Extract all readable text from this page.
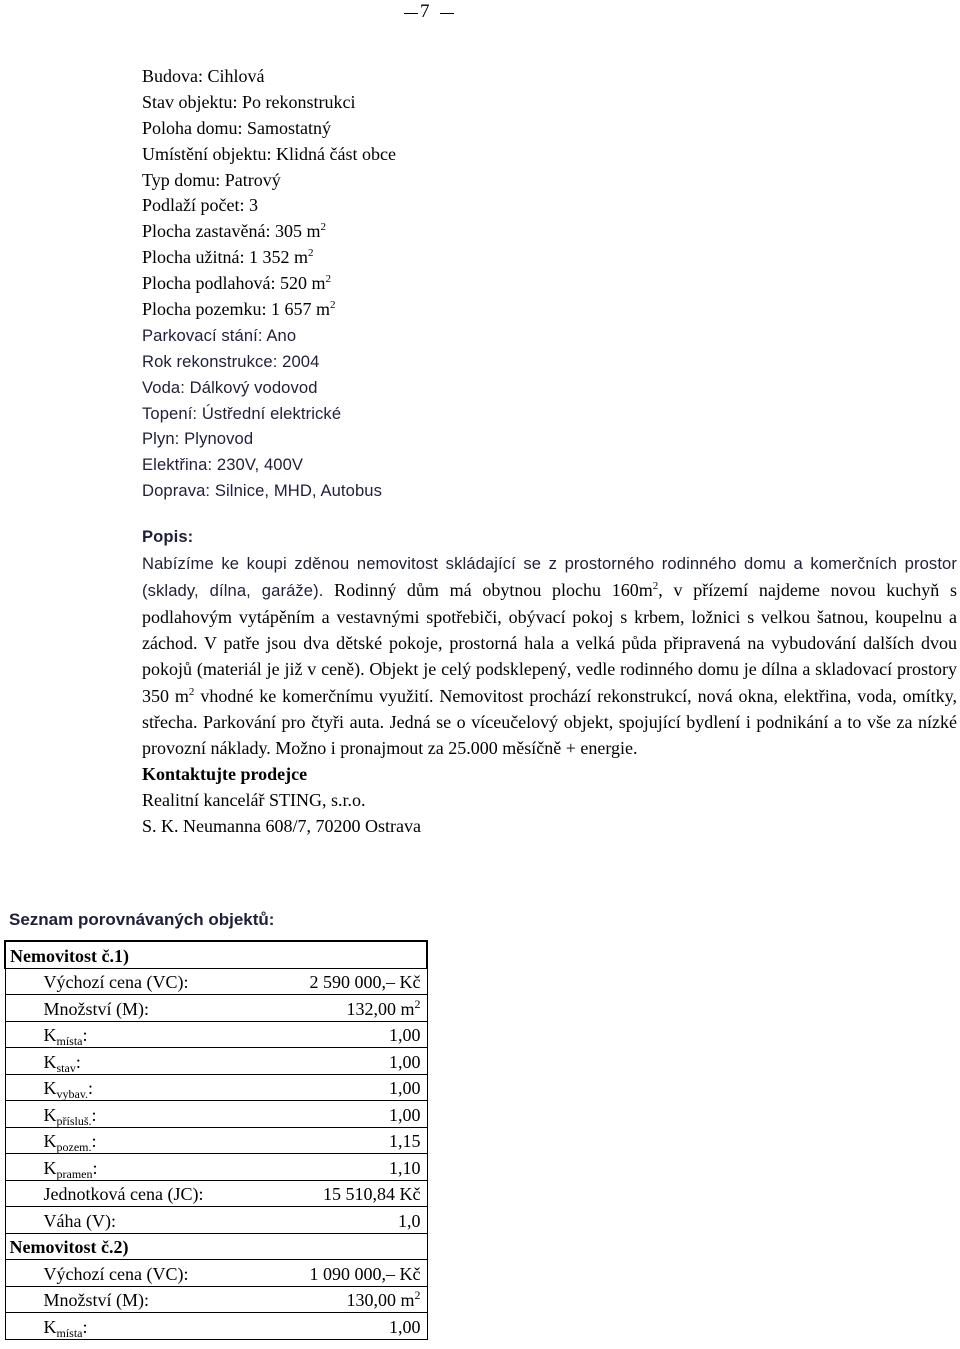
7
Budova: Cihlová
Stav objektu: Po rekonstrukci
Poloha domu: Samostatný
Umístění objektu: Klidná část obce
Typ domu: Patrový
Podlaží počet: 3
Plocha zastavěná: 305 $m^2$
Plocha užitná: 1 352 $m^2$
Plocha podlahová: 520 $m^2$
Plocha pozemku: 1 657 $m^2$
Parkovací stání: Ano
Rok rekonstrukce: 2004
Voda: Dálkový vodovod
Topení: Ústřední elektrické
Plyn: Plynovod
Elektřina: 230V, 400V
Doprava: Silnice, MHD, Autobus
Popis:
Nabízíme ke koupi zděnou nemovitost skládající se z prostorného rodinného domu a komerčních prostor (sklady, dílna, garáže). Rodinný dům má obytnou plochu $160m^2$, v přízemí najdeme novou kuchyň s podlahovým vytápěním a vestavnými spotřebiči, obývací pokoj s krbem, ložnici s velkou šatnou, koupelnu a záchod. V patře jsou dva dětské pokoje, prostorná hala a velká půda připravená na vybudování dalších dvou pokojů (materiál je již v ceně). Objekt je celý podsklepený, vedle rodinného domu je dílna a skladovací prostory 350 $m^2$ vhodné ke komerčnímu využití. Nemovitost prochází rekonstrukcí, nová okna, elektřina, voda, omítky, střecha. Parkování pro čtyři auta. Jedná se o víceučelový objekt, spojující bydlení i podnikání a to vše za nízké provozní náklady. Možno i pronajmout za 25.000 měsíčně + energie.
Kontaktujte prodejce
Realitní kancelář STING, s.r.o.
S. K. Neumanna 608/7, 70200 Ostrava
Seznam porovnávaných objektů:
Nemovitost č.1)	
Výchozí cena (VC):	2 590 000,– Kč
Množství (M):	132,00 $m^2$
$K_{místa}$:	1,00
$K_{stav}$:	1,00
$K_{vybav.}$:	1,00
$K_{přísluš.}$:	1,00
$K_{pozem.}$:	1,15
$K_{pramen}$:	1,10
Jednotková cena (JC):	15 510,84 Kč
Váha (V):	1,0
Nemovitost č.2)	
Výchozí cena (VC):	1 090 000,– Kč
Množství (M):	130,00 $m^2$
$K_{místa}$:	1,00
